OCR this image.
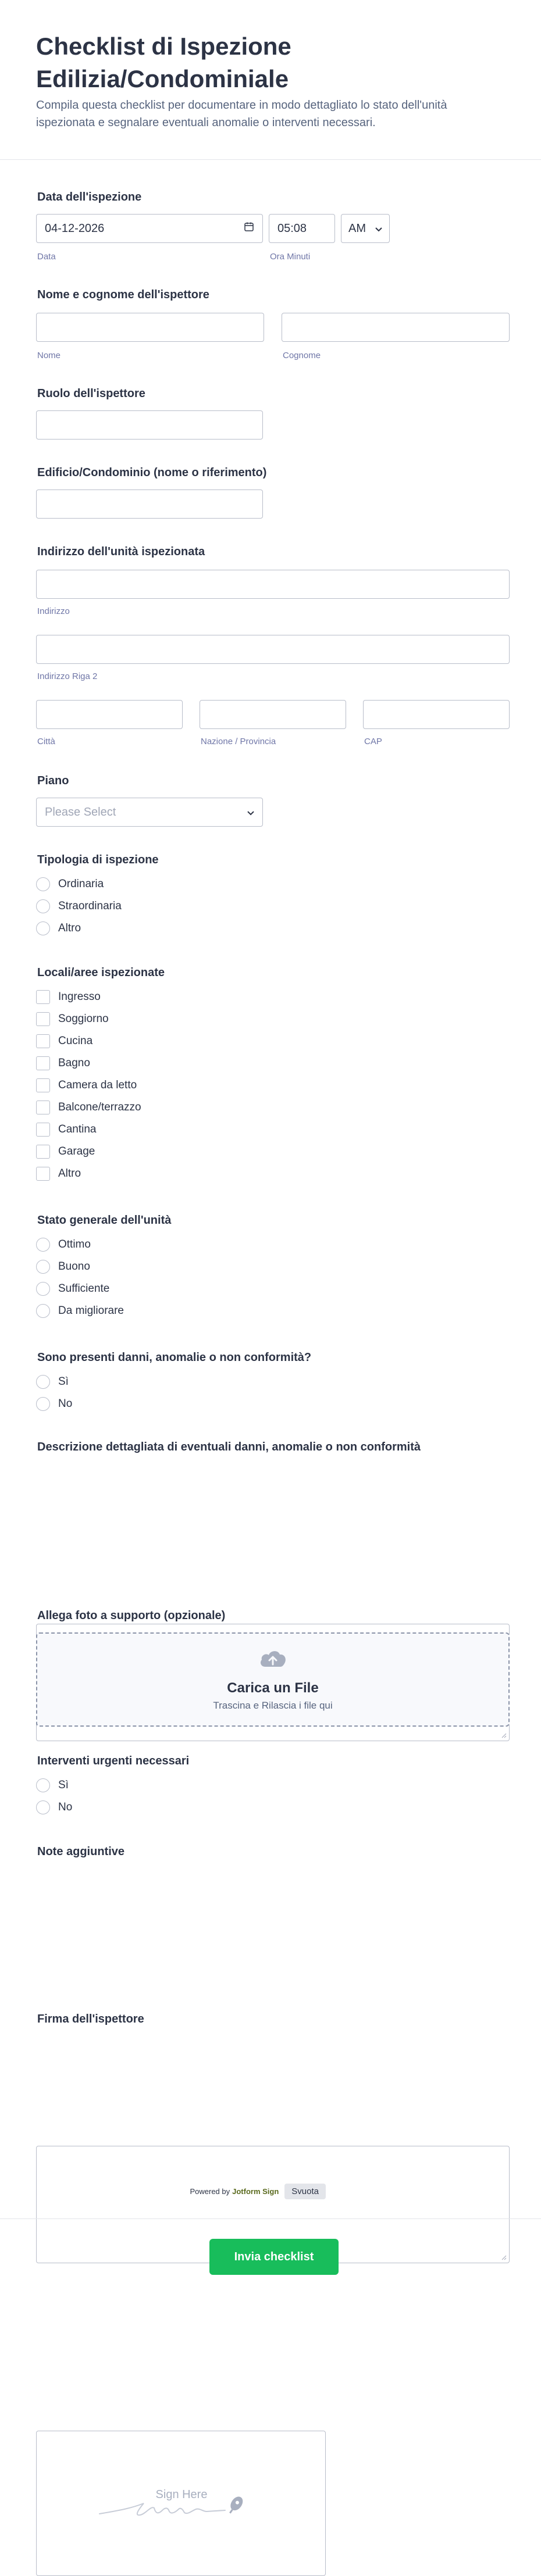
Checklist di Ispezione Edilizia/Condominiale

Compila questa checklist per documentare in modo dettagliato lo stato dell'unità ispezionata e segnalare eventuali anomalie o interventi necessari.

Data dell'ispezione
04-12-2026	05:08	AM
Data	Ora Minuti
Nome e cognome dell'ispettore
Nome	Cognome
Ruolo dell'ispettore
Edificio/Condominio (nome o riferimento)
Indirizzo dell'unità ispezionata
Indirizzo
Indirizzo Riga 2
Città	Nazione / Provincia	CAP
Piano
Please Select
Tipologia di ispezione
Ordinaria
Straordinaria
Altro
Locali/aree ispezionate
Ingresso
Soggiorno
Cucina
Bagno
Camera da letto
Balcone/terrazzo
Cantina
Garage
Altro
Stato generale dell'unità
Ottimo
Buono
Sufficiente
Da migliorare
Sono presenti danni, anomalie o non conformità?
Sì
No
Descrizione dettagliata di eventuali danni, anomalie o non conformità
Allega foto a supporto (opzionale)
Carica un File
Trascina e Rilascia i file qui
Interventi urgenti necessari
Sì
No
Note aggiuntive
Firma dell'ispettore
Sign Here
Powered by Jotform Sign	Svuota
Invia checklist
